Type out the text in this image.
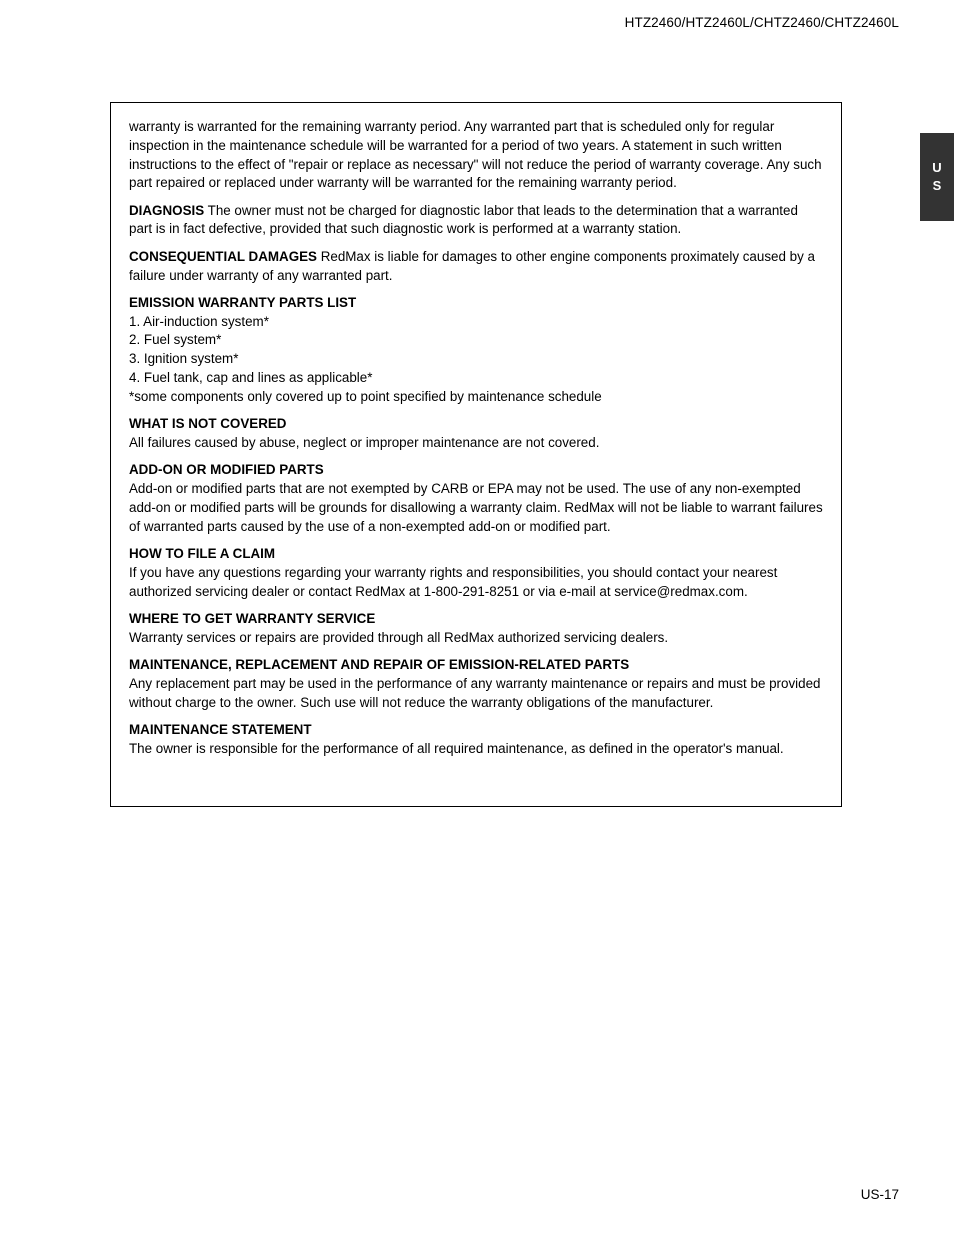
HTZ2460/HTZ2460L/CHTZ2460/CHTZ2460L
U
S

warranty is warranted for the remaining warranty period. Any warranted part that is scheduled only for regular inspection in the maintenance schedule will be warranted for a period of two years. A statement in such written instructions to the effect of "repair or replace as necessary" will not reduce the period of warranty coverage. Any such part repaired or replaced under warranty will be warranted for the remaining warranty period.

DIAGNOSIS The owner must not be charged for diagnostic labor that leads to the determination that a warranted part is in fact defective, provided that such diagnostic work is performed at a warranty station.

CONSEQUENTIAL DAMAGES RedMax is liable for damages to other engine components proximately caused by a failure under warranty of any warranted part.

EMISSION WARRANTY PARTS LIST
1. Air-induction system*
2. Fuel system*
3. Ignition system*
4. Fuel tank, cap and lines as applicable*
*some components only covered up to point specified by maintenance schedule
WHAT IS NOT COVERED
All failures caused by abuse, neglect or improper maintenance are not covered.
ADD-ON OR MODIFIED PARTS
Add-on or modified parts that are not exempted by CARB or EPA may not be used. The use of any non-exempted add-on or modified parts will be grounds for disallowing a warranty claim. RedMax will not be liable to warrant failures of warranted parts caused by the use of a non-exempted add-on or modified part.
HOW TO FILE A CLAIM
If you have any questions regarding your warranty rights and responsibilities, you should contact your nearest authorized servicing dealer or contact RedMax at 1-800-291-8251 or via e-mail at service@redmax.com.
WHERE TO GET WARRANTY SERVICE
Warranty services or repairs are provided through all RedMax authorized servicing dealers.
MAINTENANCE, REPLACEMENT AND REPAIR OF EMISSION-RELATED PARTS
Any replacement part may be used in the performance of any warranty maintenance or repairs and must be provided without charge to the owner. Such use will not reduce the warranty obligations of the manufacturer.
MAINTENANCE STATEMENT
The owner is responsible for the performance of all required maintenance, as defined in the operator's manual.
US-17
